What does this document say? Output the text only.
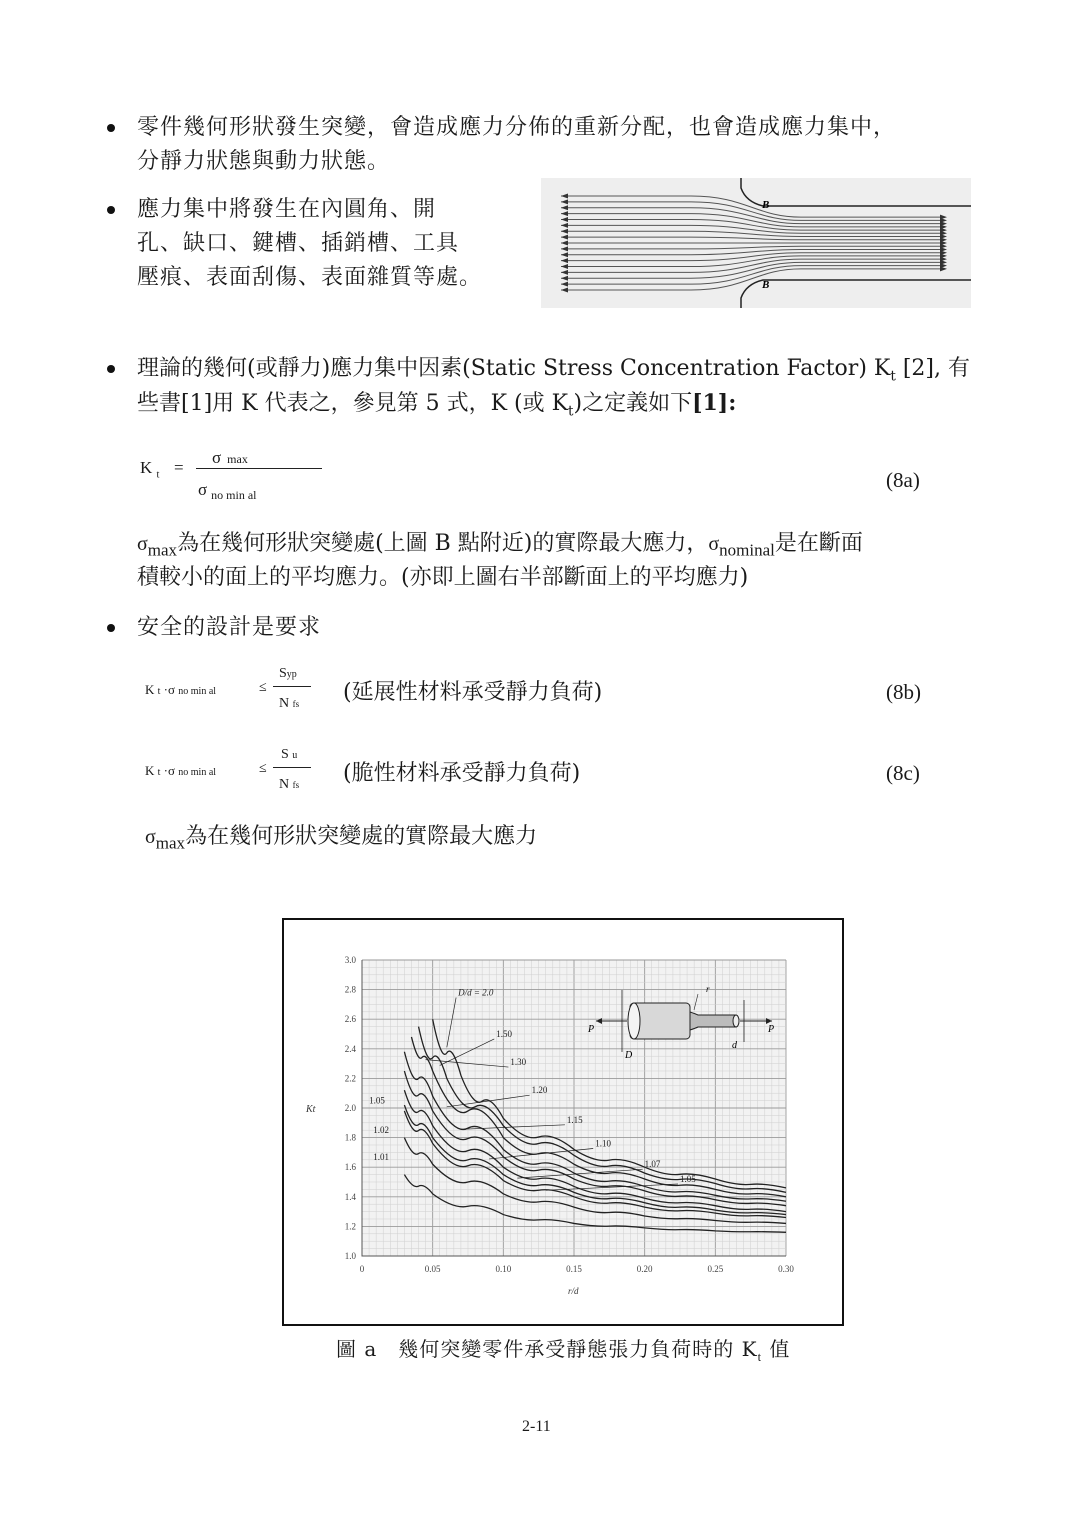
零件幾何形狀發生突變，會造成應力分佈的重新分配，也會造成應力集中，
分靜力狀態與動力狀態。
應力集中將發生在內圓角、開
孔、缺口、鍵槽、插銷槽、工具
壓痕、表面刮傷、表面雜質等處。
B
B
理論的幾何(或靜力)應力集中因素(Static Stress Concentration Factor) $K_t$ [2], 有
些書[1]用 K 代表之，參見第 5 式，K (或 $K_t$)之定義如下[1]:
K $_t$ =
σ max
σ $_{no min al}$
(8a)
$\sigma_{max}$為在幾何形狀突變處(上圖 B 點附近)的實際最大應力，$\sigma_{nominal}$是在斷面
積較小的面上的平均應力。(亦即上圖右半部斷面上的平均應力)
安全的設計是要求
K t ·σ no min al	≤
Syp
N fs (延展性材料承受靜力負荷)	(8b)
K t ·σ no min al	≤
S u
N fs (脆性材料承受靜力負荷)	(8c)
$\sigma_{max}$為在幾何形狀突變處的實際最大應力
1.0
1.2
1.4
1.6
1.8
2.0
2.2
2.4
2.6
2.8
3.0
0	0.05	0.10	0.15	0.20	0.25	0.30
D/d = 2.0
1.50
1.30
1.20
1.15
1.10
1.07
1.05
1.02
1.01
1.05
Kt
r/d
P	P
D
d
r
圖 a　幾何突變零件承受靜態張力負荷時的 $K_t$ 值
2-11
